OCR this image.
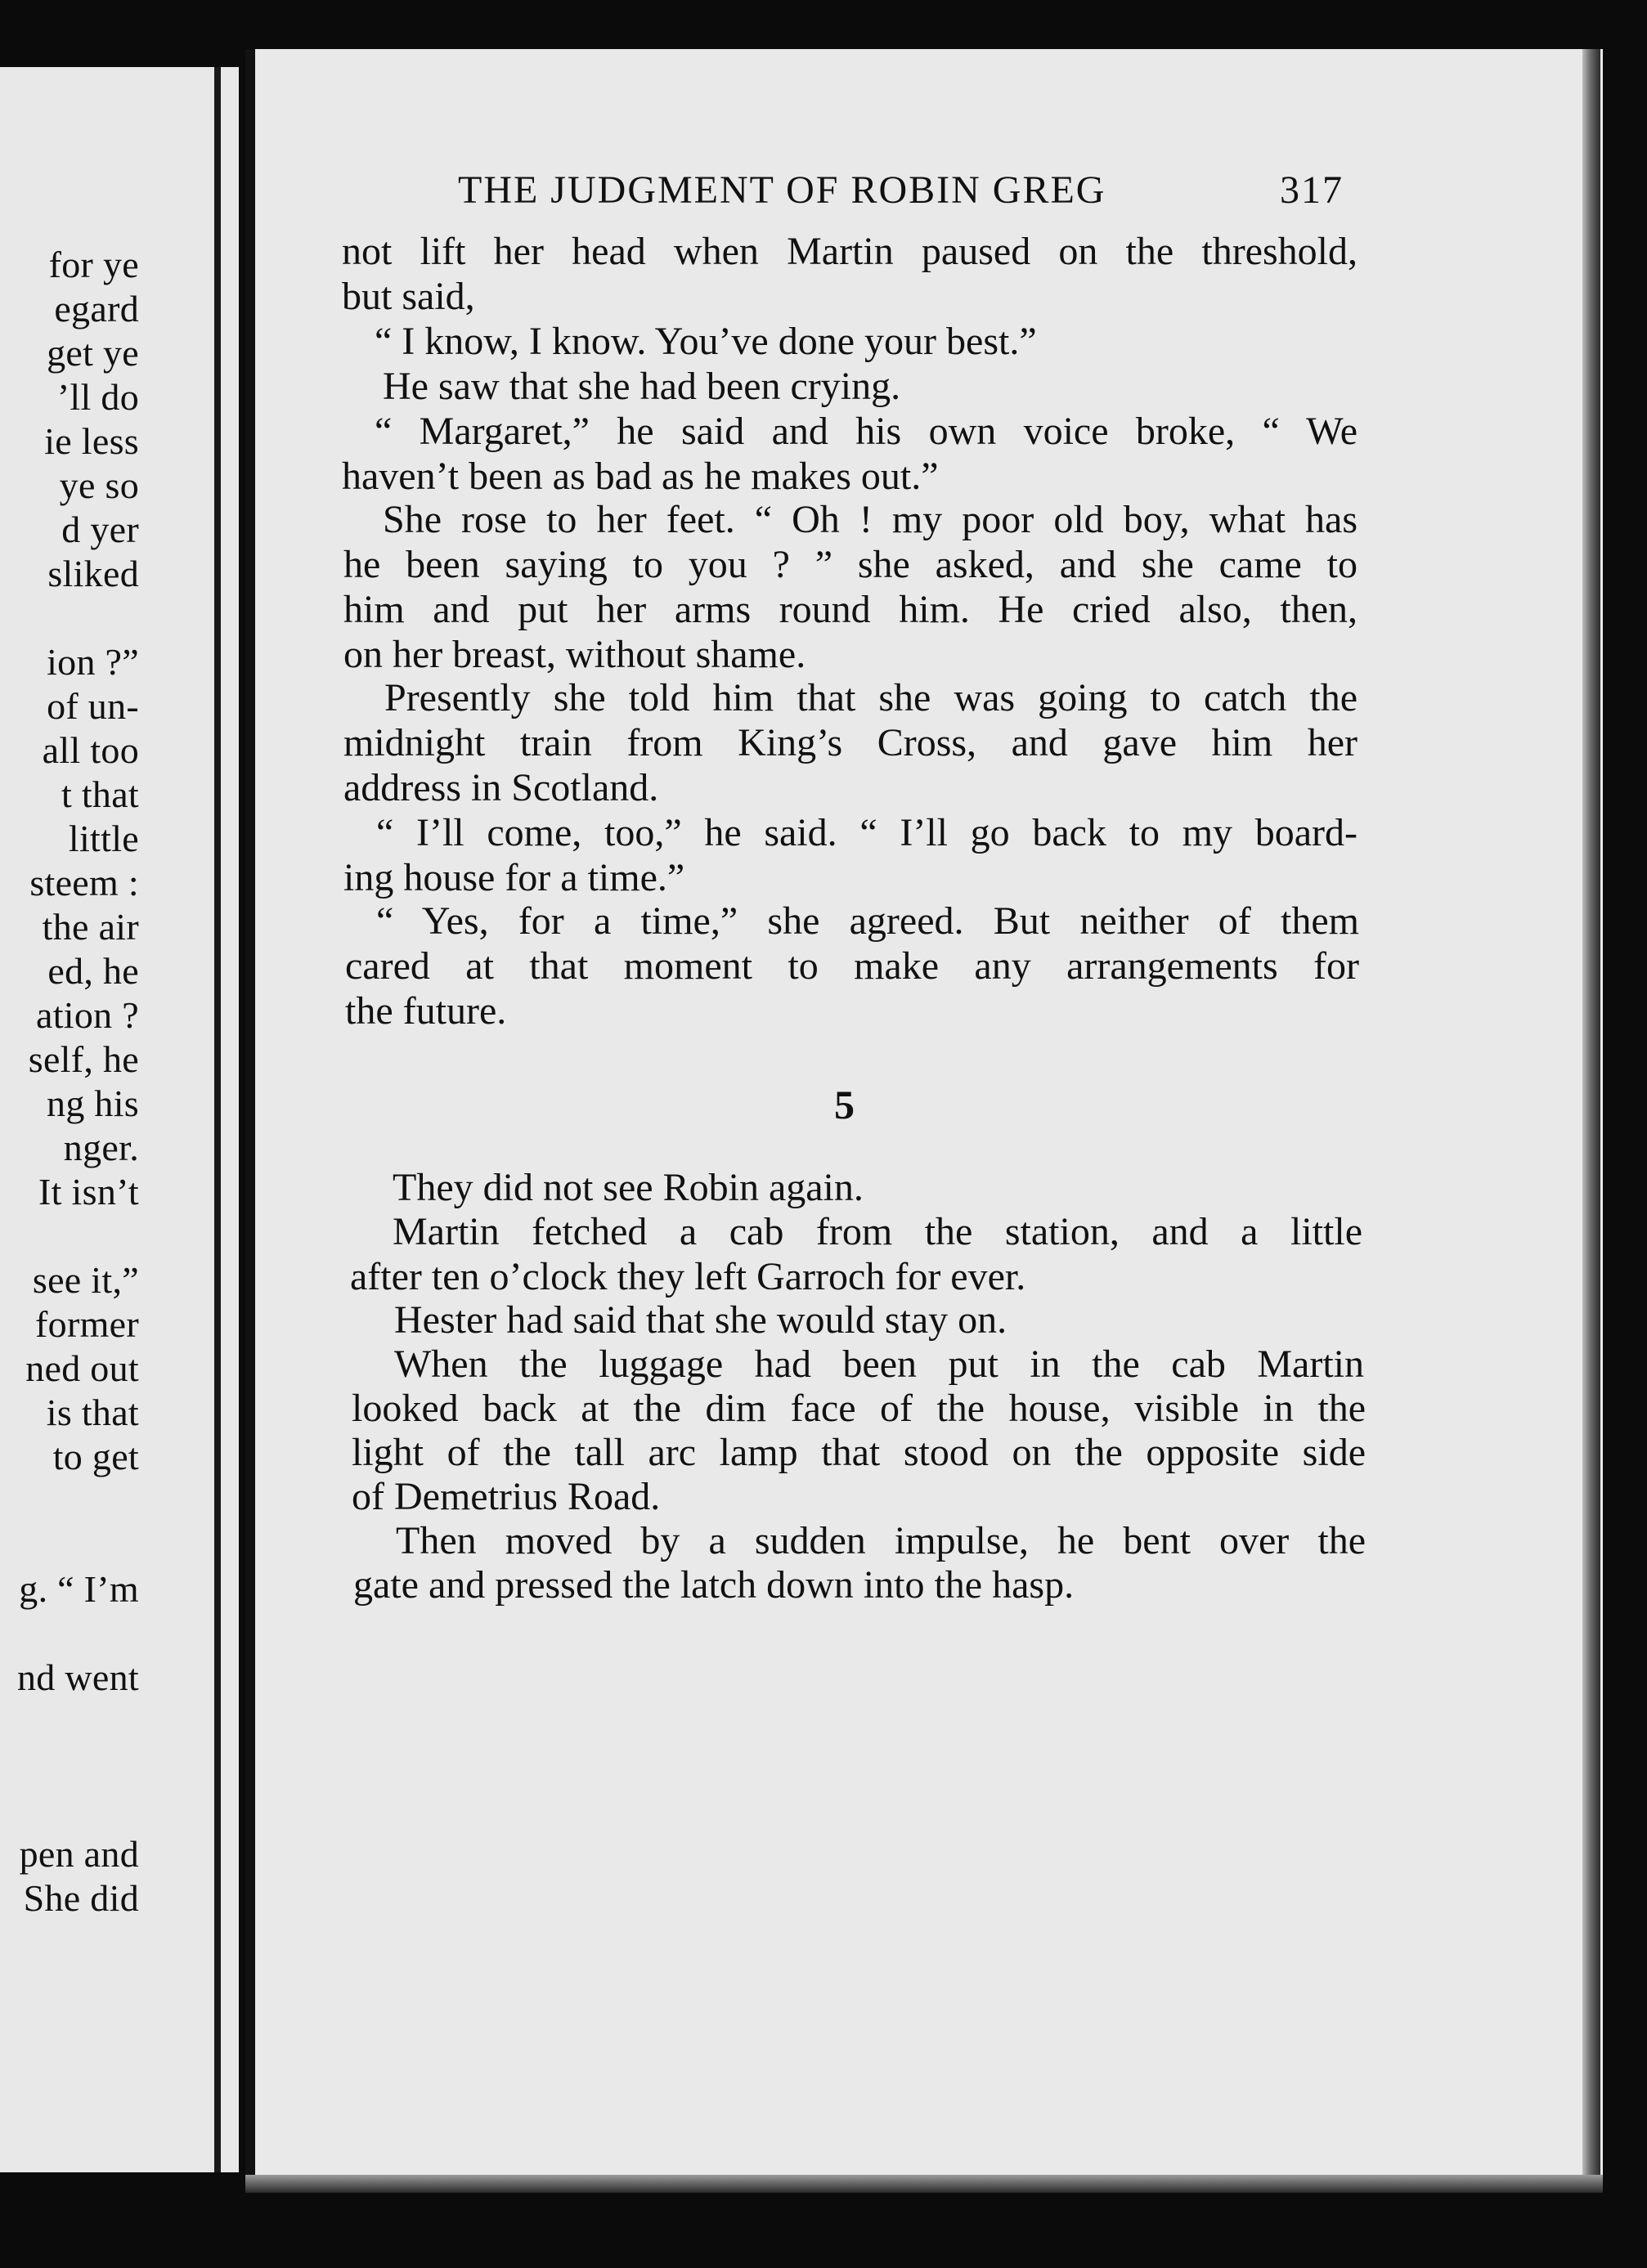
for ye
egard
get ye
’ll do
ie less
ye so
d yer
sliked
ion ?”
of un-
all too
t that
little
steem :
the air
ed, he
ation ?
self, he
ng his
nger.
It isn’t
see it,”
former
ned out
is that
to get
g. “ I’m
nd went
pen and
She did
THE JUDGMENT OF ROBIN GREG	317
not lift her head when Martin paused on the threshold,
but said,
“ I know, I know. You’ve done your best.”
He saw that she had been crying.
“ Margaret,” he said and his own voice broke, “ We
haven’t been as bad as he makes out.”
She rose to her feet. “ Oh ! my poor old boy, what has
he been saying to you ? ” she asked, and she came to
him and put her arms round him. He cried also, then,
on her breast, without shame.
Presently she told him that she was going to catch the
midnight train from King’s Cross, and gave him her
address in Scotland.
“ I’ll come, too,” he said. “ I’ll go back to my board-
ing house for a time.”
“ Yes, for a time,” she agreed. But neither of them
cared at that moment to make any arrangements for
the future.
5
They did not see Robin again.
Martin fetched a cab from the station, and a little
after ten o’clock they left Garroch for ever.
Hester had said that she would stay on.
When the luggage had been put in the cab Martin
looked back at the dim face of the house, visible in the
light of the tall arc lamp that stood on the opposite side
of Demetrius Road.
Then moved by a sudden impulse, he bent over the
gate and pressed the latch down into the hasp.
